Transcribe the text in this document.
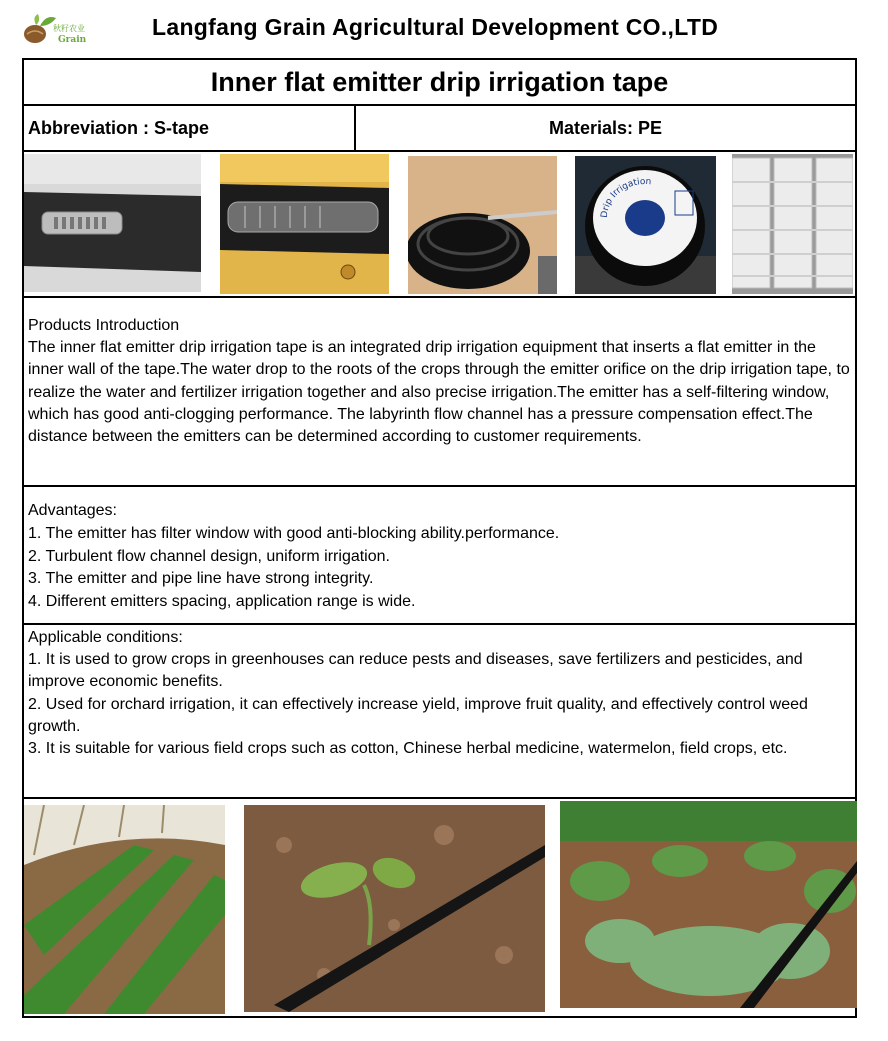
秋籽农业
Grain	Langfang Grain Agricultural Development CO.,LTD
Inner flat emitter drip irrigation tape
Abbreviation : S-tape	Materials: PE
Drip Irrigation

Products Introduction

The inner flat emitter drip irrigation tape is an integrated drip irrigation equipment that inserts a flat emitter in the inner wall of the tape.The water drop to the roots of the crops through the emitter orifice on the drip irrigation tape, to realize the water and fertilizer irrigation together and also precise irrigation.The emitter has a self-filtering window, which has good anti-clogging performance. The labyrinth flow channel has a pressure compensation effect.The distance between the emitters can be determined according to customer requirements.

Advantages:

1. The emitter has filter window with good anti-blocking ability.performance.

2. Turbulent flow channel design, uniform irrigation.

3. The emitter and pipe line have strong integrity.

4. Different emitters spacing, application range is wide.

Applicable conditions:

1. It is used to grow crops in greenhouses can reduce pests and diseases, save fertilizers and pesticides, and improve economic benefits.

2. Used for orchard irrigation, it can effectively increase yield, improve fruit quality, and effectively control weed growth.

3. It is suitable for various field crops such as cotton, Chinese herbal medicine, watermelon, field crops, etc.
